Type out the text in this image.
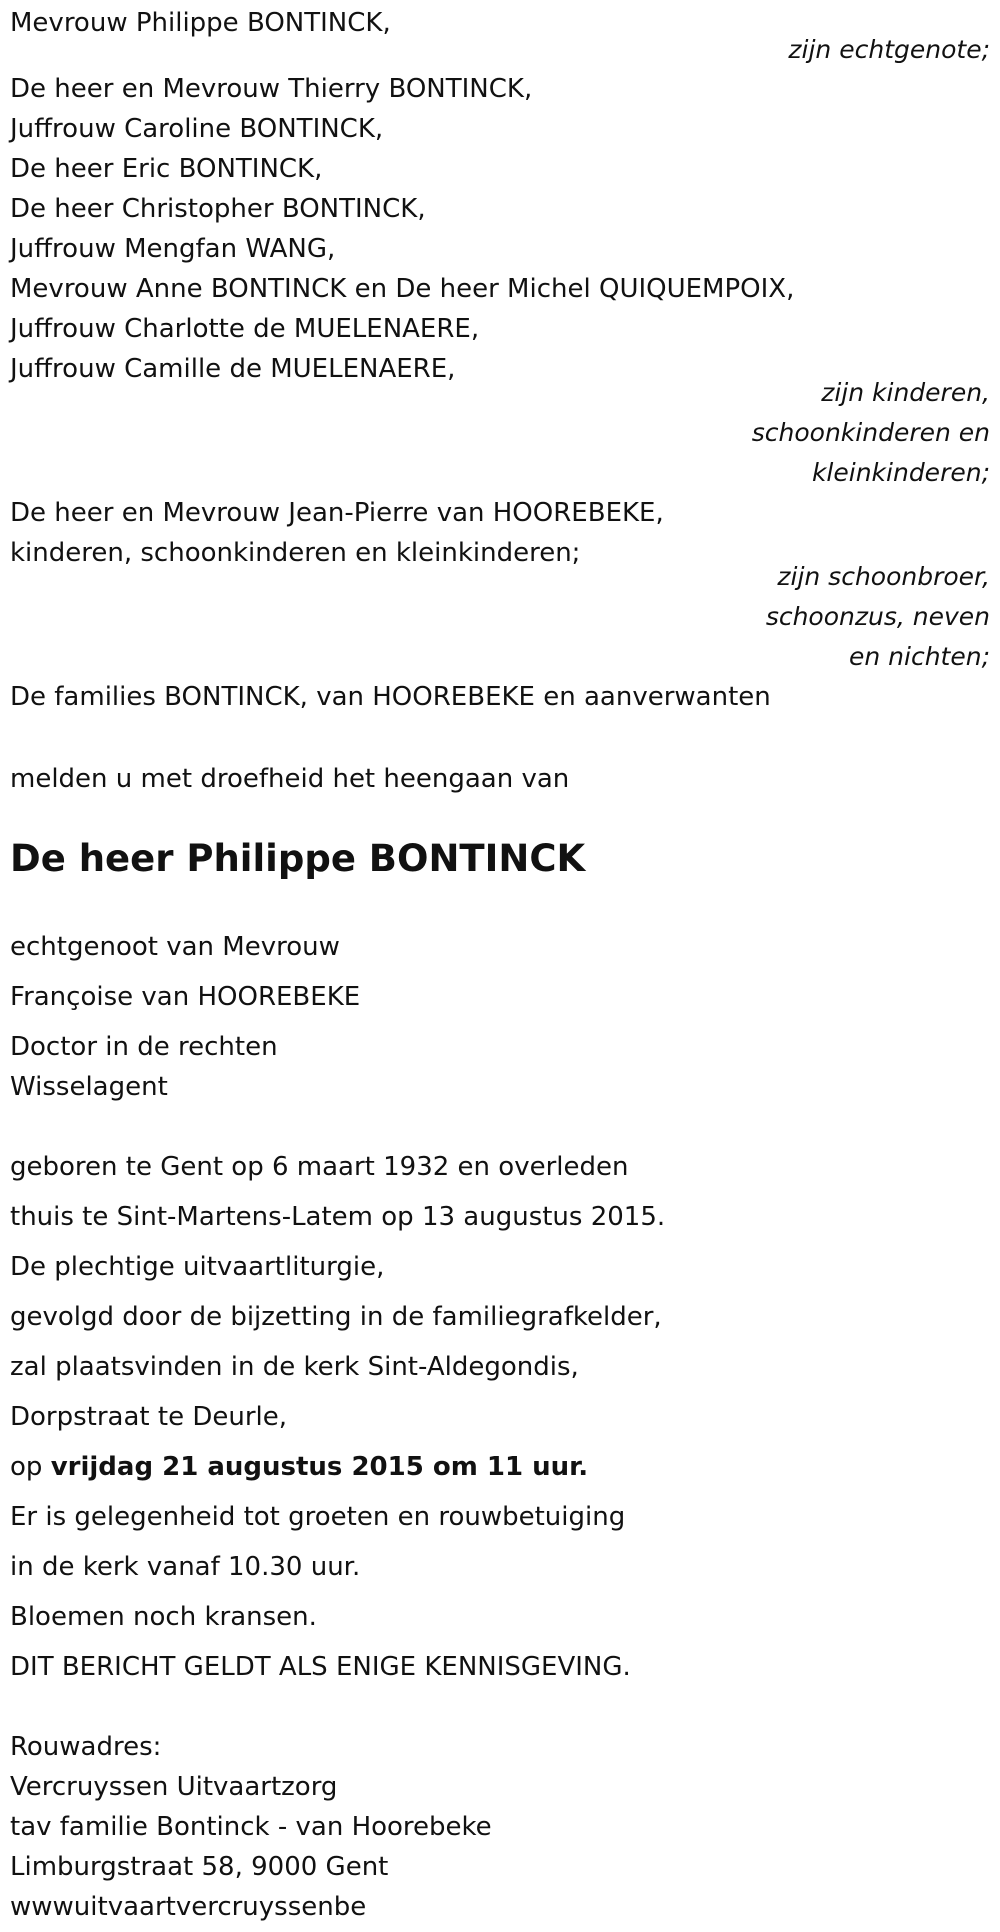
Mevrouw Philippe BONTINCK,
zijn echtgenote;
De heer en Mevrouw Thierry BONTINCK,
Juffrouw Caroline BONTINCK,
De heer Eric BONTINCK,
De heer Christopher BONTINCK,
Juffrouw Mengfan WANG,
Mevrouw Anne BONTINCK en De heer Michel QUIQUEMPOIX,
Juffrouw Charlotte de MUELENAERE,
Juffrouw Camille de MUELENAERE,
zijn kinderen,
schoonkinderen en
kleinkinderen;
De heer en Mevrouw Jean-Pierre van HOOREBEKE,
kinderen, schoonkinderen en kleinkinderen;
zijn schoonbroer,
schoonzus, neven
en nichten;
De families BONTINCK, van HOOREBEKE en aanverwanten
melden u met droefheid het heengaan van
De heer Philippe BONTINCK
echtgenoot van Mevrouw
Françoise van HOOREBEKE
Doctor in de rechten
Wisselagent
geboren te Gent op 6 maart 1932 en overleden
thuis te Sint-Martens-Latem op 13 augustus 2015.
De plechtige uitvaartliturgie,
gevolgd door de bijzetting in de familiegrafkelder,
zal plaatsvinden in de kerk Sint-Aldegondis,
Dorpstraat te Deurle,
op vrijdag 21 augustus 2015 om 11 uur.
Er is gelegenheid tot groeten en rouwbetuiging
in de kerk vanaf 10.30 uur.
Bloemen noch kransen.
DIT BERICHT GELDT ALS ENIGE KENNISGEVING.
Rouwadres:
Vercruyssen Uitvaartzorg
tav familie Bontinck - van Hoorebeke
Limburgstraat 58, 9000 Gent
wwwuitvaartvercruyssenbe
